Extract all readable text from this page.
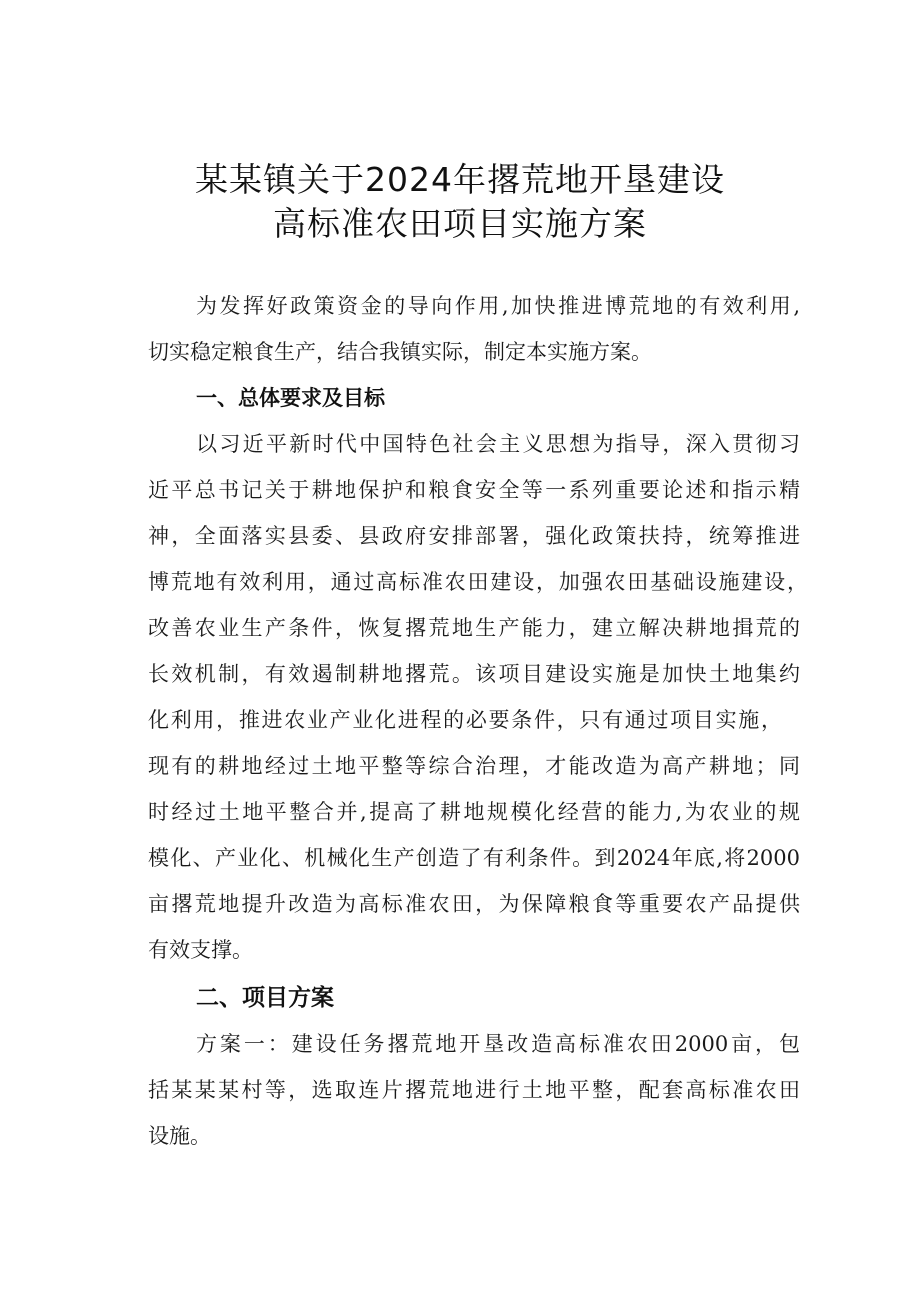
某某镇关于2024年撂荒地开垦建设
高标准农田项目实施方案
为发挥好政策资金的导向作用,加快推进博荒地的有效利用,
切实稳定粮食生产，结合我镇实际，制定本实施方案。
一、总体要求及目标
以习近平新时代中国特色社会主义思想为指导，深入贯彻习
近平总书记关于耕地保护和粮食安全等一系列重要论述和指示精
神，全面落实县委、县政府安排部署，强化政策扶持，统筹推进
博荒地有效利用，通过高标准农田建设，加强农田基础设施建设，
改善农业生产条件，恢复撂荒地生产能力，建立解决耕地揖荒的
长效机制，有效遏制耕地撂荒。该项目建设实施是加快土地集约
化利用，推进农业产业化进程的必要条件，只有通过项目实施，
现有的耕地经过土地平整等综合治理，才能改造为高产耕地；同
时经过土地平整合并,提高了耕地规模化经营的能力,为农业的规
模化、产业化、机械化生产创造了有利条件。到2024年底,将2000
亩撂荒地提升改造为高标准农田，为保障粮食等重要农产品提供
有效支撑。
二、项目方案
方案一：建设任务撂荒地开垦改造高标准农田2000亩，包
括某某某村等，选取连片撂荒地进行土地平整，配套高标准农田
设施。
